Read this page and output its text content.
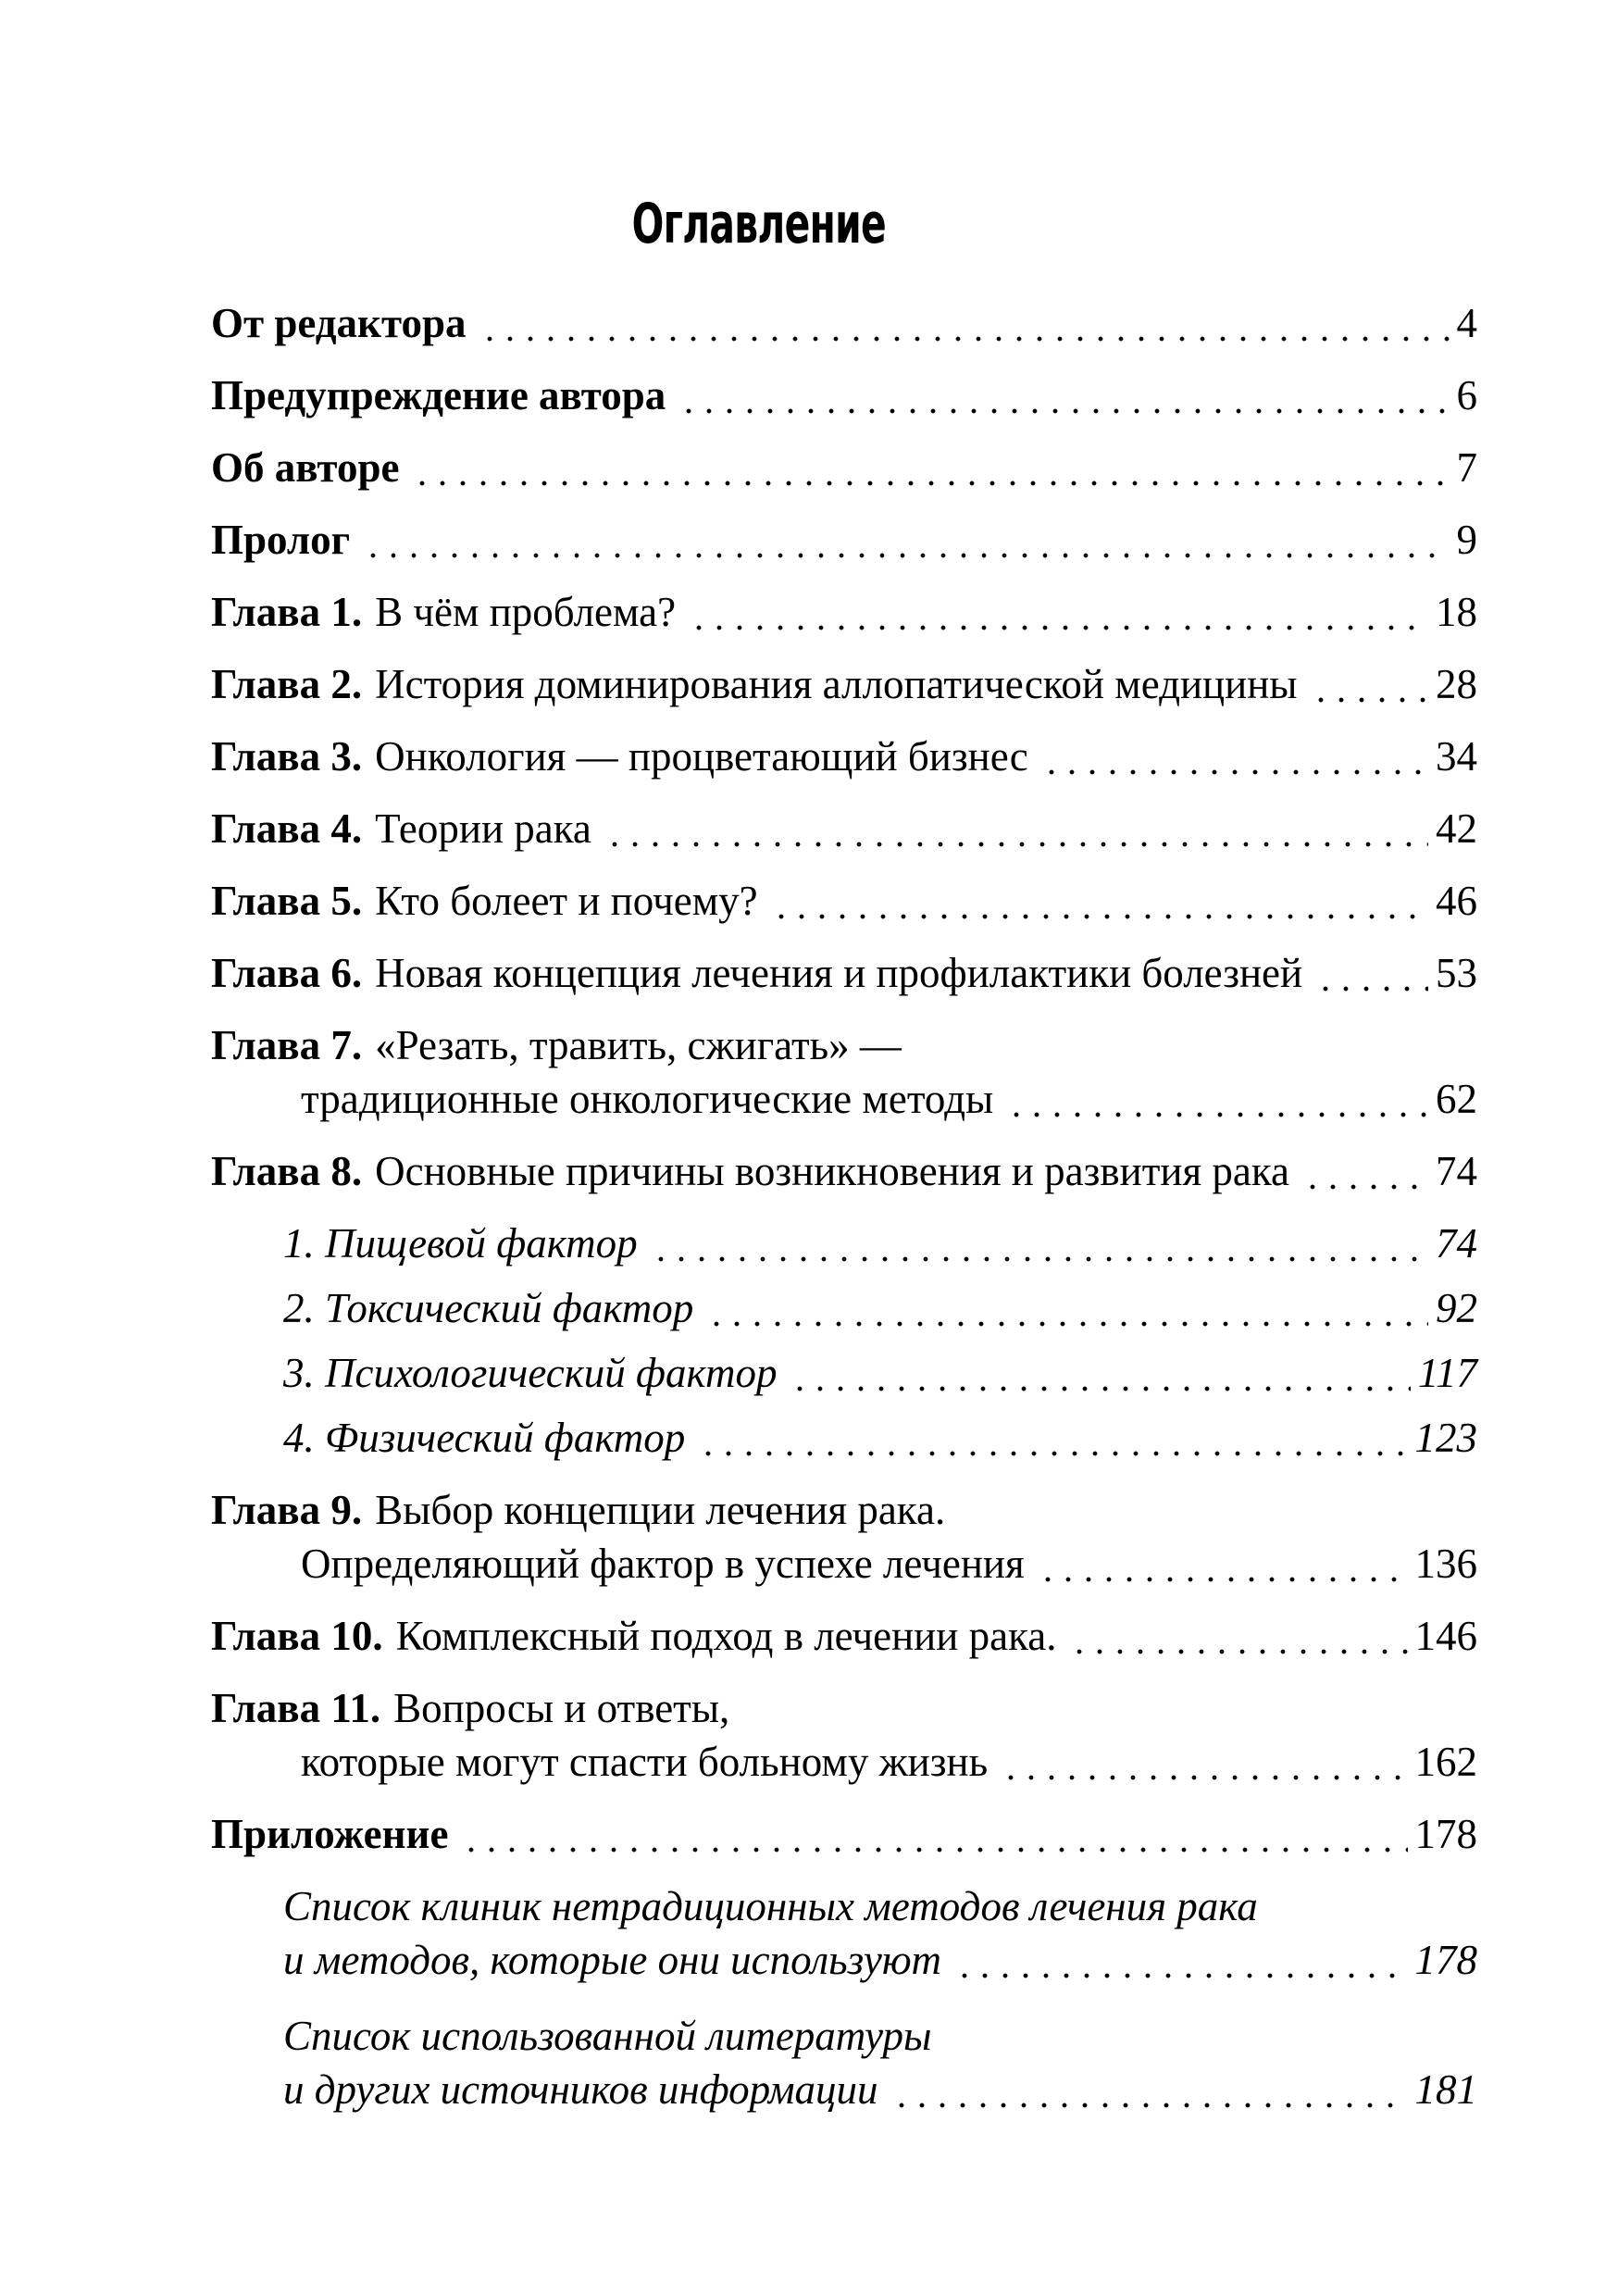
Оглавление
От редактора	4
Предупреждение автора	6
Об авторе	7
Пролог	9
Глава 1. В чём проблема?	18
Глава 2. История доминирования аллопатической медицины	28
Глава 3. Онкология — процветающий бизнес	34
Глава 4. Теории рака	42
Глава 5. Кто болеет и почему?	46
Глава 6. Новая концепция лечения и профилактики болезней	53
Глава 7. «Резать, травить, сжигать» —
традиционные онкологические методы	62
Глава 8. Основные причины возникновения и развития рака	74
1. Пищевой фактор	74
2. Токсический фактор	92
3. Психологический фактор	117
4. Физический фактор	123
Глава 9. Выбор концепции лечения рака.
Определяющий фактор в успехе лечения	136
Глава 10. Комплексный подход в лечении рака.	146
Глава 11. Вопросы и ответы,
которые могут спасти больному жизнь	162
Приложение	178
Список клиник нетрадиционных методов лечения рака
и методов, которые они используют	178
Список использованной литературы
и других источников информации	181
